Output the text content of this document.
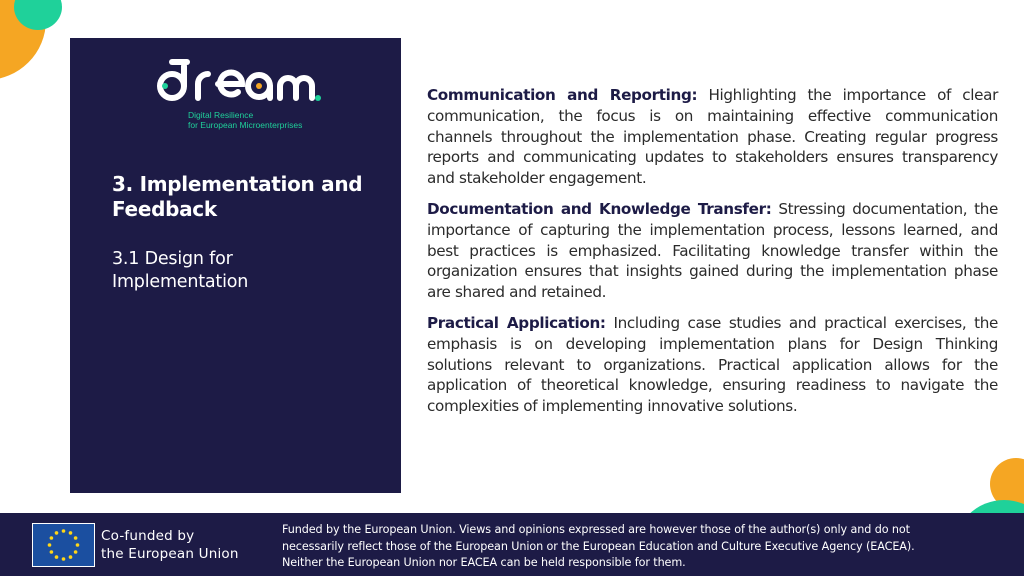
Digital Resilience
for European Microenterprises
3. Implementation and
Feedback
3.1 Design for
Implementation

Communication and Reporting: Highlighting the importance of clear communication, the focus is on maintaining effective communication channels throughout the implementation phase. Creating regular progress reports and communicating updates to stakeholders ensures transparency and stakeholder engagement.

Documentation and Knowledge Transfer: Stressing documentation, the importance of capturing the implementation process, lessons learned, and best practices is emphasized. Facilitating knowledge transfer within the organization ensures that insights gained during the implementation phase are shared and retained.

Practical Application: Including case studies and practical exercises, the emphasis is on developing implementation plans for Design Thinking solutions relevant to organizations. Practical application allows for the application of theoretical knowledge, ensuring readiness to navigate the complexities of implementing innovative solutions.

Co-funded by
the European Union
Funded by the European Union. Views and opinions expressed are however those of the author(s) only and do not
necessarily reflect those of the European Union or the European Education and Culture Executive Agency (EACEA).
Neither the European Union nor EACEA can be held responsible for them.
